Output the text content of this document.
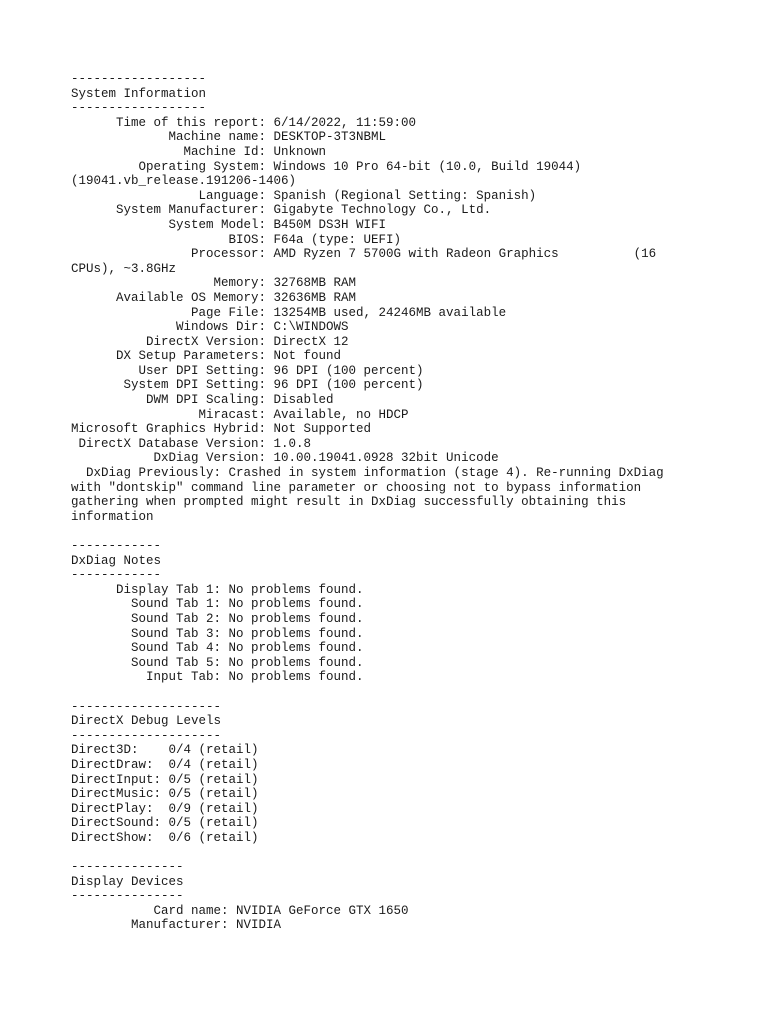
------------------
System Information
------------------
Time of this report: 6/14/2022, 11:59:00
Machine name: DESKTOP-3T3NBML
Machine Id: Unknown
Operating System: Windows 10 Pro 64-bit (10.0, Build 19044)
(19041.vb_release.191206-1406)
Language: Spanish (Regional Setting: Spanish)
System Manufacturer: Gigabyte Technology Co., Ltd.
System Model: B450M DS3H WIFI
BIOS: F64a (type: UEFI)
Processor: AMD Ryzen 7 5700G with Radeon Graphics          (16
CPUs), ~3.8GHz
Memory: 32768MB RAM
Available OS Memory: 32636MB RAM
Page File: 13254MB used, 24246MB available
Windows Dir: C:\WINDOWS
DirectX Version: DirectX 12
DX Setup Parameters: Not found
User DPI Setting: 96 DPI (100 percent)
System DPI Setting: 96 DPI (100 percent)
DWM DPI Scaling: Disabled
Miracast: Available, no HDCP
Microsoft Graphics Hybrid: Not Supported
DirectX Database Version: 1.0.8
DxDiag Version: 10.00.19041.0928 32bit Unicode
DxDiag Previously: Crashed in system information (stage 4). Re-running DxDiag
with "dontskip" command line parameter or choosing not to bypass information
gathering when prompted might result in DxDiag successfully obtaining this
information
------------
DxDiag Notes
------------
Display Tab 1: No problems found.
Sound Tab 1: No problems found.
Sound Tab 2: No problems found.
Sound Tab 3: No problems found.
Sound Tab 4: No problems found.
Sound Tab 5: No problems found.
Input Tab: No problems found.
--------------------
DirectX Debug Levels
--------------------
Direct3D:    0/4 (retail)
DirectDraw:  0/4 (retail)
DirectInput: 0/5 (retail)
DirectMusic: 0/5 (retail)
DirectPlay:  0/9 (retail)
DirectSound: 0/5 (retail)
DirectShow:  0/6 (retail)
---------------
Display Devices
---------------
Card name: NVIDIA GeForce GTX 1650
Manufacturer: NVIDIA
